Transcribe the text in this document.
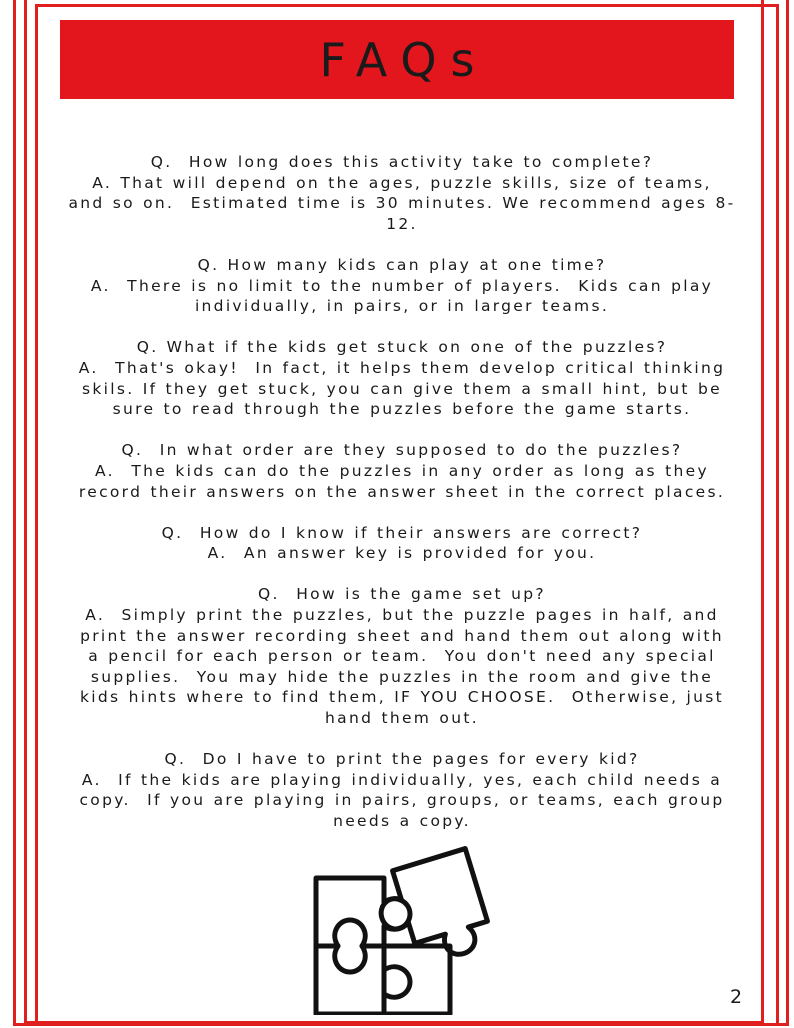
FAQs
Q.  How long does this activity take to complete?
A. That will depend on the ages, puzzle skills, size of teams,
and so on.  Estimated time is 30 minutes. We recommend ages 8-
12.
Q. How many kids can play at one time?
A.  There is no limit to the number of players.  Kids can play
individually, in pairs, or in larger teams.
Q. What if the kids get stuck on one of the puzzles?
A.  That's okay!  In fact, it helps them develop critical thinking
skils. If they get stuck, you can give them a small hint, but be
sure to read through the puzzles before the game starts.
Q.  In what order are they supposed to do the puzzles?
A.  The kids can do the puzzles in any order as long as they
record their answers on the answer sheet in the correct places.
Q.  How do I know if their answers are correct?
A.  An answer key is provided for you.
Q.  How is the game set up?
A.  Simply print the puzzles, but the puzzle pages in half, and
print the answer recording sheet and hand them out along with
a pencil for each person or team.  You don't need any special
supplies.  You may hide the puzzles in the room and give the
kids hints where to find them, IF YOU CHOOSE.  Otherwise, just
hand them out.
Q.  Do I have to print the pages for every kid?
A.  If the kids are playing individually, yes, each child needs a
copy.  If you are playing in pairs, groups, or teams, each group
needs a copy.
2
